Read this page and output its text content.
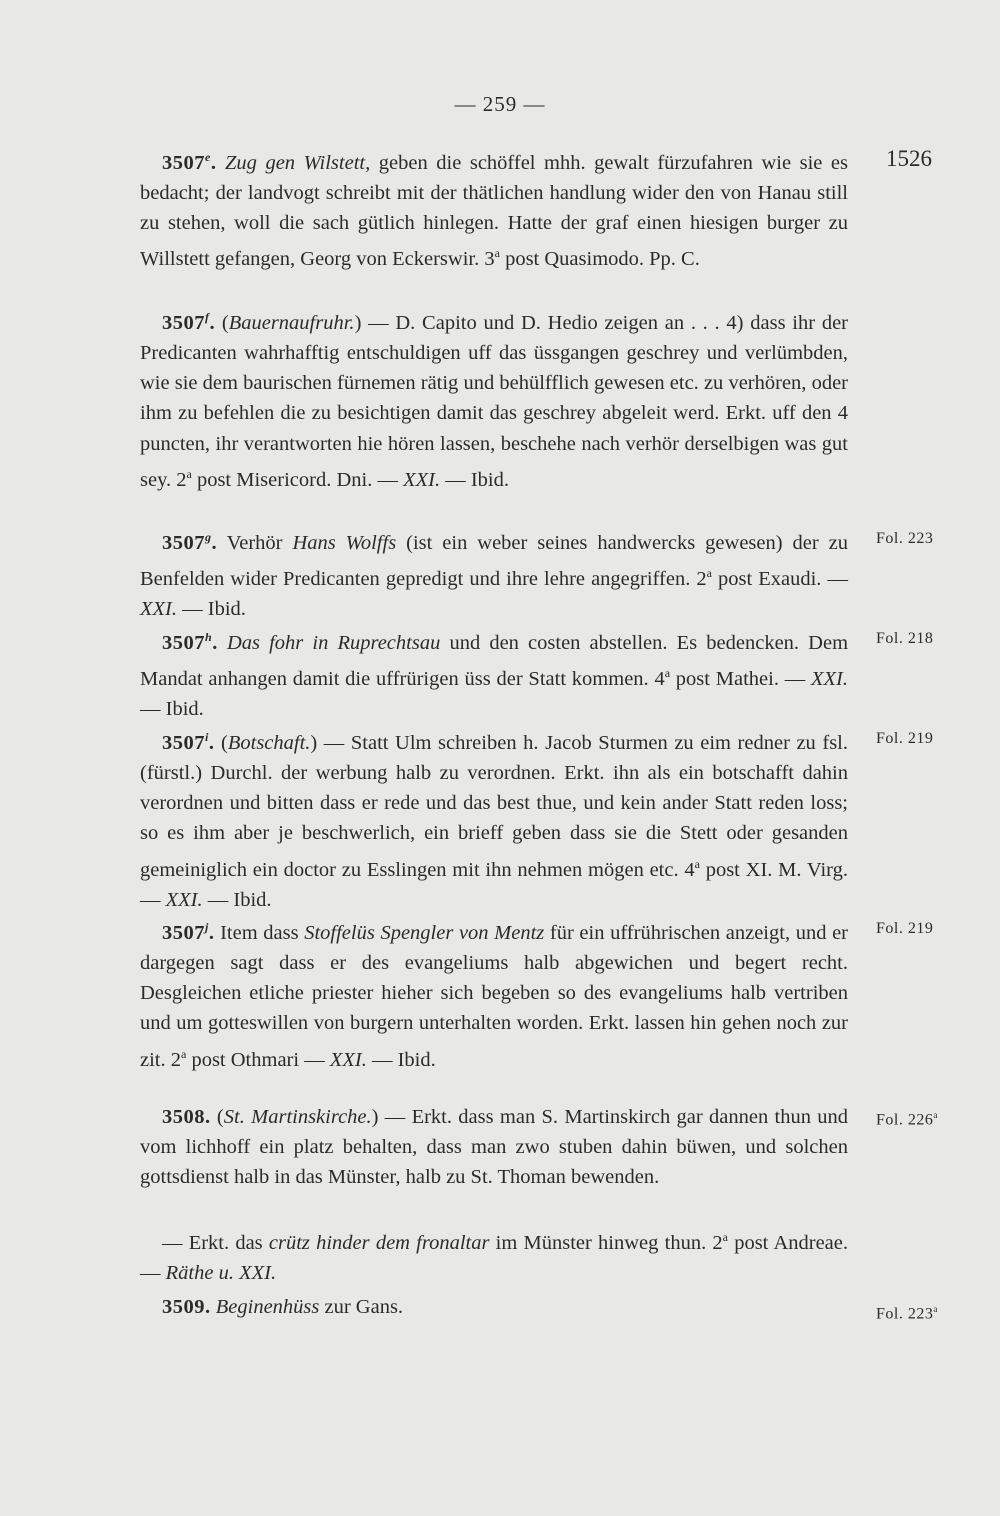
— 259 —
1526
3507e. Zug gen Wilstett, geben die schöffel mhh. gewalt fürzufahren wie sie es bedacht; der landvogt schreibt mit der thätlichen handlung wider den von Hanau still zu stehen, woll die sach gütlich hinlegen. Hatte der graf einen hiesigen burger zu Willstett gefangen, Georg von Eckerswir. 3$^a$ post Quasimodo. Pp. C.
3507$^f$. (Bauernaufruhr.) — D. Capito und D. Hedio zeigen an . . . 4) dass ihr der Predicanten wahrhafftig entschuldigen uff das üssgangen geschrey und verlümbden, wie sie dem baurischen fürnemen rätig und behülfflich gewesen etc. zu verhören, oder ihm zu befehlen die zu besichtigen damit das geschrey abgeleit werd. Erkt. uff den 4 puncten, ihr verantworten hie hören lassen, beschehe nach verhör derselbigen was gut sey. 2$^a$ post Misericord. Dni. — XXI. — Ibid.
3507$^g$. Verhör Hans Wolffs (ist ein weber seines handwercks gewesen) der zu Benfelden wider Predicanten gepredigt und ihre lehre angegriffen. 2$^a$ post Exaudi. — XXI. — Ibid.
Fol. 223
3507$^h$. Das fohr in Ruprechtsau und den costen abstellen. Es bedencken. Dem Mandat anhangen damit die uffrürigen üss der Statt kommen. 4$^a$ post Mathei. — XXI. — Ibid.
Fol. 218
3507$^i$. (Botschaft.) — Statt Ulm schreiben h. Jacob Sturmen zu eim redner zu fsl. (fürstl.) Durchl. der werbung halb zu verordnen. Erkt. ihn als ein botschafft dahin verordnen und bitten dass er rede und das best thue, und kein ander Statt reden loss; so es ihm aber je beschwerlich, ein brieff geben dass sie die Stett oder gesanden gemeiniglich ein doctor zu Esslingen mit ihn nehmen mögen etc. 4$^a$ post XI. M. Virg. — XXI. — Ibid.
Fol. 219
3507$^j$. Item dass Stoffelüs Spengler von Mentz für ein uffrührischen anzeigt, und er dargegen sagt dass er des evangeliums halb abgewichen und begert recht. Desgleichen etliche priester hieher sich begeben so des evangeliums halb vertriben und um gotteswillen von burgern unterhalten worden. Erkt. lassen hin gehen noch zur zit. 2$^a$ post Othmari — XXI. — Ibid.
Fol. 219
3508. (St. Martinskirche.) — Erkt. dass man S. Martinskirch gar dannen thun und vom lichhoff ein platz behalten, dass man zwo stuben dahin büwen, und solchen gottsdienst halb in das Münster, halb zu St. Thoman bewenden.
Fol. 226$^a$
— Erkt. das crütz hinder dem fronaltar im Münster hinweg thun. 2$^a$ post Andreae. — Räthe u. XXI.
3509. Beginenhüss zur Gans.	Fol. 223$^a$
